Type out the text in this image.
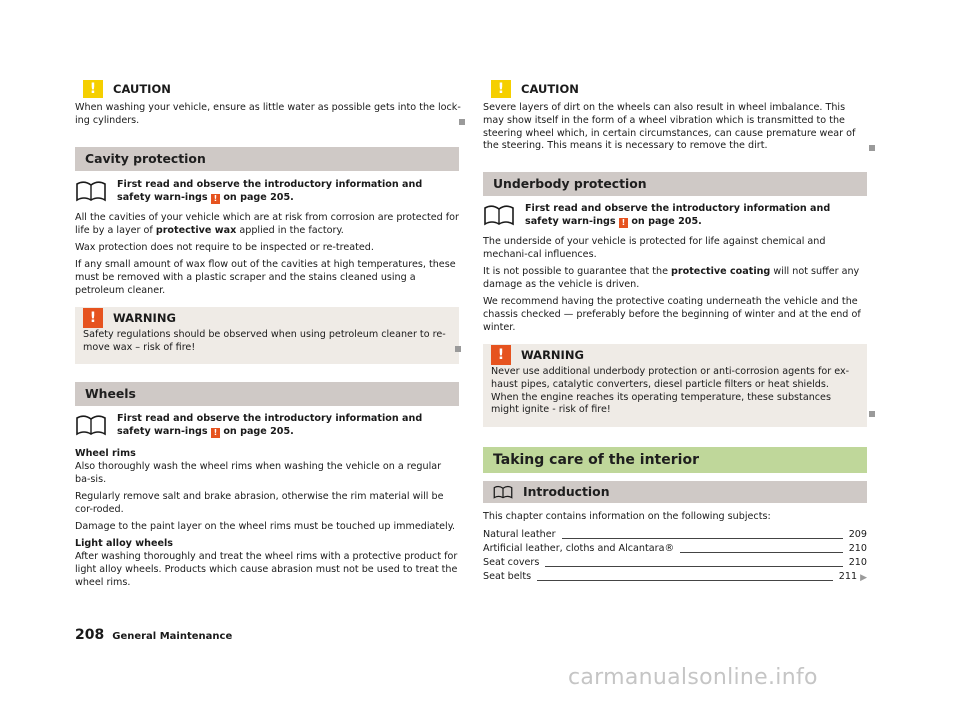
!	CAUTION

When washing your vehicle, ensure as little water as possible gets into the lock-ing cylinders.

Cavity protection
First read and observe the introductory information and safety warn-ings ! on page 205.

All the cavities of your vehicle which are at risk from corrosion are protected for life by a layer of protective wax applied in the factory.

Wax protection does not require to be inspected or re-treated.

If any small amount of wax flow out of the cavities at high temperatures, these must be removed with a plastic scraper and the stains cleaned using a petroleum cleaner.

!	WARNING

Safety regulations should be observed when using petroleum cleaner to re-move wax – risk of fire!

Wheels
First read and observe the introductory information and safety warn-ings ! on page 205.

Wheel rims

Also thoroughly wash the wheel rims when washing the vehicle on a regular ba-sis.

Regularly remove salt and brake abrasion, otherwise the rim material will be cor-roded.

Damage to the paint layer on the wheel rims must be touched up immediately.

Light alloy wheels

After washing thoroughly and treat the wheel rims with a protective product for light alloy wheels. Products which cause abrasion must not be used to treat the wheel rims.

!	CAUTION

Severe layers of dirt on the wheels can also result in wheel imbalance. This may show itself in the form of a wheel vibration which is transmitted to the steering wheel which, in certain circumstances, can cause premature wear of the steering. This means it is necessary to remove the dirt.

Underbody protection
First read and observe the introductory information and safety warn-ings ! on page 205.

The underside of your vehicle is protected for life against chemical and mechani-cal influences.

It is not possible to guarantee that the protective coating will not suffer any damage as the vehicle is driven.

We recommend having the protective coating underneath the vehicle and the chassis checked — preferably before the beginning of winter and at the end of winter.

!	WARNING

Never use additional underbody protection or anti-corrosion agents for ex-haust pipes, catalytic converters, diesel particle filters or heat shields. When the engine reaches its operating temperature, these substances might ignite - risk of fire!

Taking care of the interior
Introduction

This chapter contains information on the following subjects:

Natural leather	209
Artificial leather, cloths and Alcantara®	210
Seat covers	210
Seat belts	211 ▶
208 General Maintenance
carmanualsonline.info
